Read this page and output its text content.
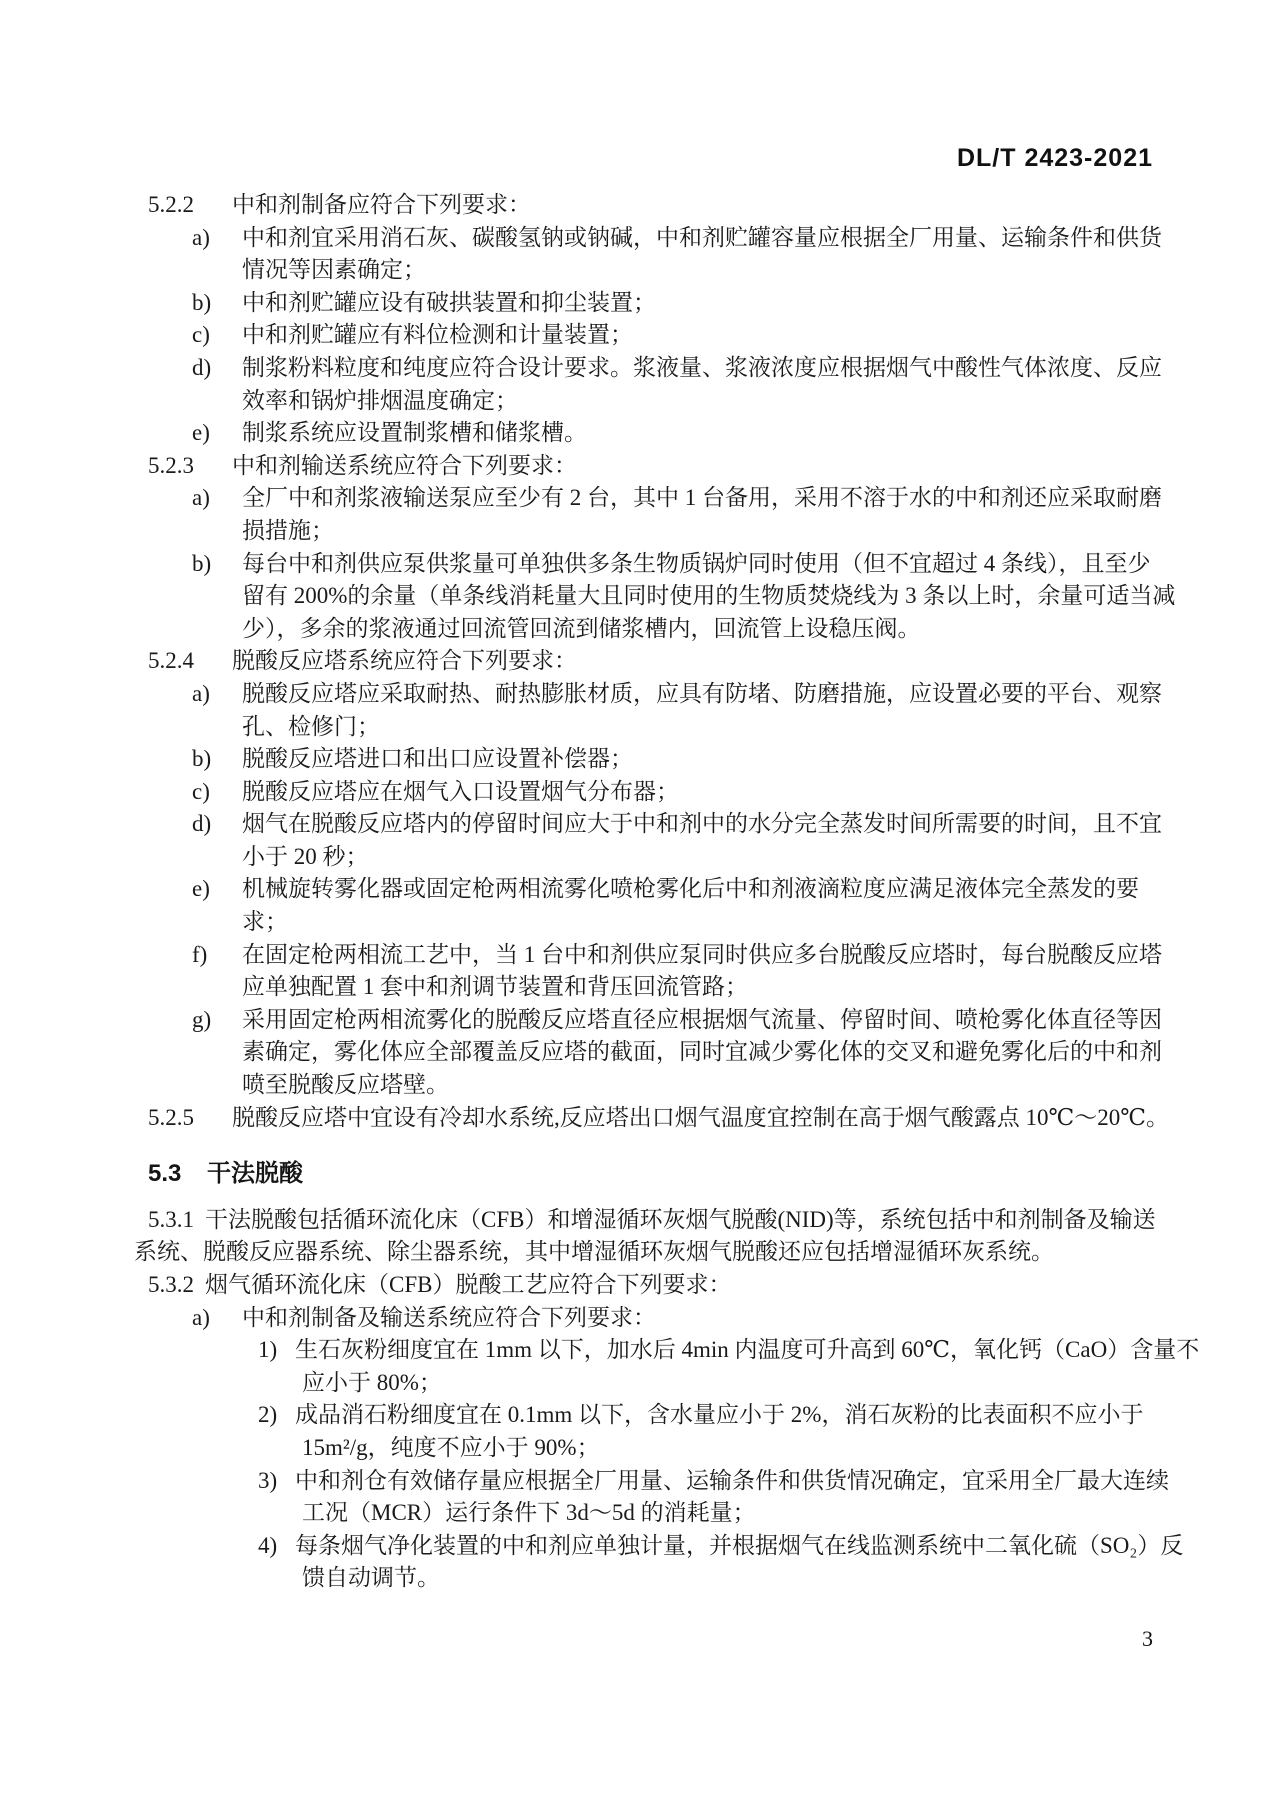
DL/T 2423-2021
5.2.2 中和剂制备应符合下列要求：
a) 中和剂宜采用消石灰、碳酸氢钠或钠碱，中和剂贮罐容量应根据全厂用量、运输条件和供货
情况等因素确定；
b) 中和剂贮罐应设有破拱装置和抑尘装置；
c) 中和剂贮罐应有料位检测和计量装置；
d) 制浆粉料粒度和纯度应符合设计要求。浆液量、浆液浓度应根据烟气中酸性气体浓度、反应
效率和锅炉排烟温度确定；
e) 制浆系统应设置制浆槽和储浆槽。
5.2.3 中和剂输送系统应符合下列要求：
a) 全厂中和剂浆液输送泵应至少有 2 台，其中 1 台备用，采用不溶于水的中和剂还应采取耐磨
损措施；
b) 每台中和剂供应泵供浆量可单独供多条生物质锅炉同时使用（但不宜超过 4 条线），且至少
留有 200%的余量（单条线消耗量大且同时使用的生物质焚烧线为 3 条以上时，余量可适当减
少），多余的浆液通过回流管回流到储浆槽内，回流管上设稳压阀。
5.2.4 脱酸反应塔系统应符合下列要求：
a) 脱酸反应塔应采取耐热、耐热膨胀材质，应具有防堵、防磨措施，应设置必要的平台、观察
孔、检修门；
b) 脱酸反应塔进口和出口应设置补偿器；
c) 脱酸反应塔应在烟气入口设置烟气分布器；
d) 烟气在脱酸反应塔内的停留时间应大于中和剂中的水分完全蒸发时间所需要的时间，且不宜
小于 20 秒；
e) 机械旋转雾化器或固定枪两相流雾化喷枪雾化后中和剂液滴粒度应满足液体完全蒸发的要
求；
f) 在固定枪两相流工艺中，当 1 台中和剂供应泵同时供应多台脱酸反应塔时，每台脱酸反应塔
应单独配置 1 套中和剂调节装置和背压回流管路；
g) 采用固定枪两相流雾化的脱酸反应塔直径应根据烟气流量、停留时间、喷枪雾化体直径等因
素确定，雾化体应全部覆盖反应塔的截面，同时宜减少雾化体的交叉和避免雾化后的中和剂
喷至脱酸反应塔壁。
5.2.5 脱酸反应塔中宜设有冷却水系统,反应塔出口烟气温度宜控制在高于烟气酸露点 10℃～20℃。
5.3 干法脱酸
5.3.1 干法脱酸包括循环流化床（CFB）和增湿循环灰烟气脱酸(NID)等，系统包括中和剂制备及输送
系统、脱酸反应器系统、除尘器系统，其中增湿循环灰烟气脱酸还应包括增湿循环灰系统。
5.3.2 烟气循环流化床（CFB）脱酸工艺应符合下列要求：
a) 中和剂制备及输送系统应符合下列要求：
1) 生石灰粉细度宜在 1mm 以下，加水后 4min 内温度可升高到 60℃，氧化钙（CaO）含量不
应小于 80%；
2) 成品消石粉细度宜在 0.1mm 以下，含水量应小于 2%，消石灰粉的比表面积不应小于
15m²/g，纯度不应小于 90%；
3) 中和剂仓有效储存量应根据全厂用量、运输条件和供货情况确定，宜采用全厂最大连续
工况（MCR）运行条件下 3d～5d 的消耗量；
4) 每条烟气净化装置的中和剂应单独计量，并根据烟气在线监测系统中二氧化硫（SO₂）反
馈自动调节。
3
